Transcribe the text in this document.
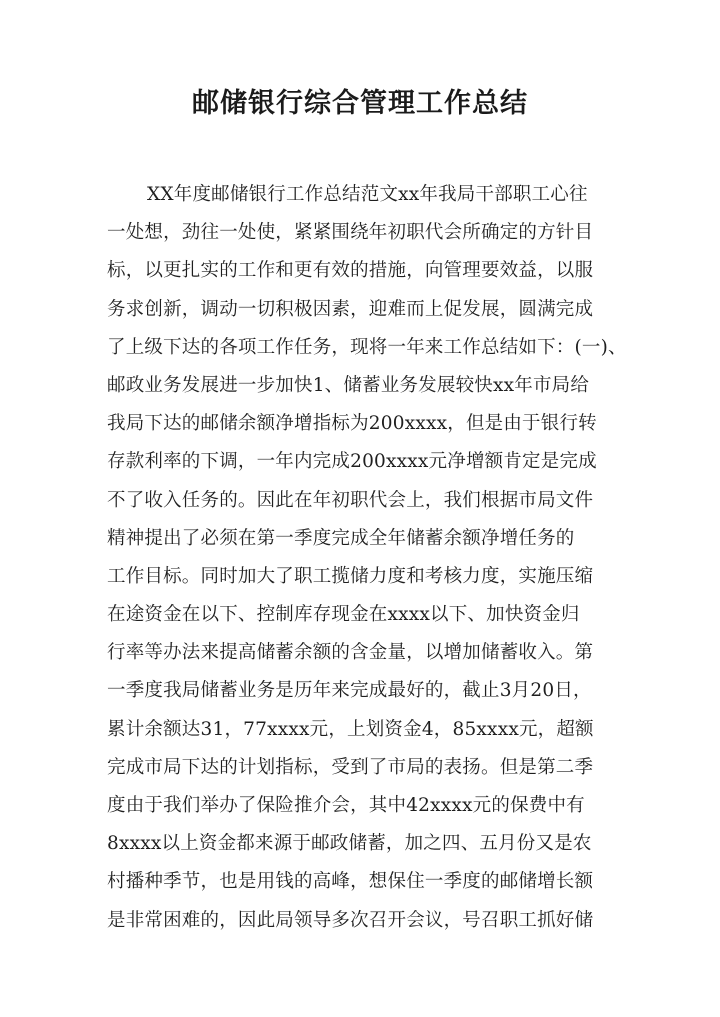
邮储银行综合管理工作总结
XX年度邮储银行工作总结范文xx年我局干部职工心往
一处想，劲往一处使，紧紧围绕年初职代会所确定的方针目
标，以更扎实的工作和更有效的措施，向管理要效益，以服
务求创新，调动一切积极因素，迎难而上促发展，圆满完成
了上级下达的各项工作任务，现将一年来工作总结如下：(一)、
邮政业务发展进一步加快1、储蓄业务发展较快xx年市局给
我局下达的邮储余额净增指标为200xxxx，但是由于银行转
存款利率的下调，一年内完成200xxxx元净增额肯定是完成
不了收入任务的。因此在年初职代会上，我们根据市局文件
精神提出了必须在第一季度完成全年储蓄余额净增任务的
工作目标。同时加大了职工揽储力度和考核力度，实施压缩
在途资金在以下、控制库存现金在xxxx以下、加快资金归
行率等办法来提高储蓄余额的含金量，以增加储蓄收入。第
一季度我局储蓄业务是历年来完成最好的，截止3月20日，
累计余额达31，77xxxx元，上划资金4，85xxxx元，超额
完成市局下达的计划指标，受到了市局的表扬。但是第二季
度由于我们举办了保险推介会，其中42xxxx元的保费中有
8xxxx以上资金都来源于邮政储蓄，加之四、五月份又是农
村播种季节，也是用钱的高峰，想保住一季度的邮储增长额
是非常困难的，因此局领导多次召开会议，号召职工抓好储
